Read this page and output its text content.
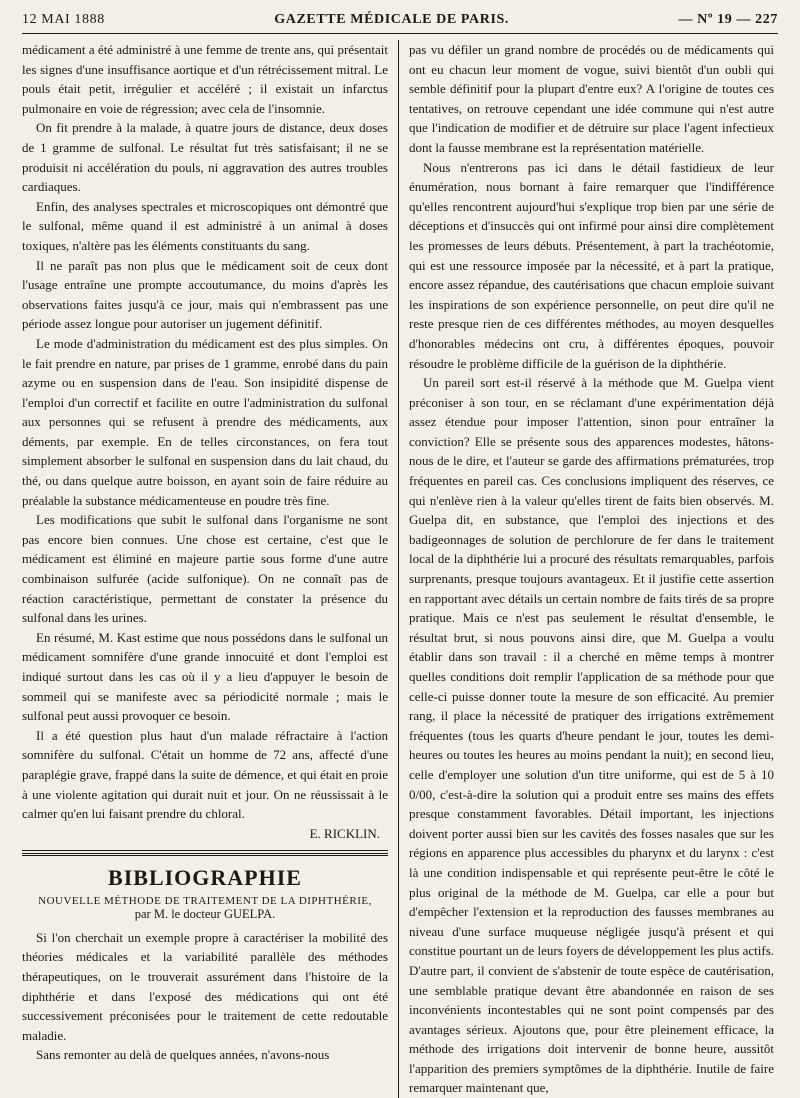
12 MAI 1888	GAZETTE MÉDICALE DE PARIS.	— Nº 19 — 227

médicament a été administré à une femme de trente ans, qui présentait les signes d'une insuffisance aortique et d'un rétrécissement mitral. Le pouls était petit, irrégulier et accéléré ; il existait un infarctus pulmonaire en voie de régression; avec cela de l'insomnie.

On fit prendre à la malade, à quatre jours de distance, deux doses de 1 gramme de sulfonal. Le résultat fut très satisfaisant; il ne se produisit ni accélération du pouls, ni aggravation des autres troubles cardiaques.

Enfin, des analyses spectrales et microscopiques ont démontré que le sulfonal, même quand il est administré à un animal à doses toxiques, n'altère pas les éléments constituants du sang.

Il ne paraît pas non plus que le médicament soit de ceux dont l'usage entraîne une prompte accoutumance, du moins d'après les observations faites jusqu'à ce jour, mais qui n'embrassent pas une période assez longue pour autoriser un jugement définitif.

Le mode d'administration du médicament est des plus simples. On le fait prendre en nature, par prises de 1 gramme, enrobé dans du pain azyme ou en suspension dans de l'eau. Son insipidité dispense de l'emploi d'un correctif et facilite en outre l'administration du sulfonal aux personnes qui se refusent à prendre des médicaments, aux déments, par exemple. En de telles circonstances, on fera tout simplement absorber le sulfonal en suspension dans du lait chaud, du thé, ou dans quelque autre boisson, en ayant soin de faire réduire au préalable la substance médicamenteuse en poudre très fine.

Les modifications que subit le sulfonal dans l'organisme ne sont pas encore bien connues. Une chose est certaine, c'est que le médicament est éliminé en majeure partie sous forme d'une autre combinaison sulfurée (acide sulfonique). On ne connaît pas de réaction caractéristique, permettant de constater la présence du sulfonal dans les urines.

En résumé, M. Kast estime que nous possédons dans le sulfonal un médicament somnifère d'une grande innocuité et dont l'emploi est indiqué surtout dans les cas où il y a lieu d'appuyer le besoin de sommeil qui se manifeste avec sa périodicité normale ; mais le sulfonal peut aussi provoquer ce besoin.

Il a été question plus haut d'un malade réfractaire à l'action somnifère du sulfonal. C'était un homme de 72 ans, affecté d'une paraplégie grave, frappé dans la suite de démence, et qui était en proie à une violente agitation qui durait nuit et jour. On ne réussissait à le calmer qu'en lui faisant prendre du chloral.

E. RICKLIN.
BIBLIOGRAPHIE
NOUVELLE MÉTHODE DE TRAITEMENT DE LA DIPHTHÉRIE,
par M. le docteur GUELPA.

Si l'on cherchait un exemple propre à caractériser la mobilité des théories médicales et la variabilité parallèle des méthodes thérapeutiques, on le trouverait assurément dans l'histoire de la diphthérie et dans l'exposé des médications qui ont été successivement préconisées pour le traitement de cette redoutable maladie.

Sans remonter au delà de quelques années, n'avons-nous

pas vu défiler un grand nombre de procédés ou de médicaments qui ont eu chacun leur moment de vogue, suivi bientôt d'un oubli qui semble définitif pour la plupart d'entre eux? A l'origine de toutes ces tentatives, on retrouve cependant une idée commune qui n'est autre que l'indication de modifier et de détruire sur place l'agent infectieux dont la fausse membrane est la représentation matérielle.

Nous n'entrerons pas ici dans le détail fastidieux de leur énumération, nous bornant à faire remarquer que l'indifférence qu'elles rencontrent aujourd'hui s'explique trop bien par une série de déceptions et d'insuccès qui ont infirmé pour ainsi dire complètement les promesses de leurs débuts. Présentement, à part la trachéotomie, qui est une ressource imposée par la nécessité, et à part la pratique, encore assez répandue, des cautérisations que chacun emploie suivant les inspirations de son expérience personnelle, on peut dire qu'il ne reste presque rien de ces différentes méthodes, au moyen desquelles d'honorables médecins ont cru, à différentes époques, pouvoir résoudre le problème difficile de la guérison de la diphthérie.

Un pareil sort est-il réservé à la méthode que M. Guelpa vient préconiser à son tour, en se réclamant d'une expérimentation déjà assez étendue pour imposer l'attention, sinon pour entraîner la conviction? Elle se présente sous des apparences modestes, hâtons-nous de le dire, et l'auteur se garde des affirmations prématurées, trop fréquentes en pareil cas. Ces conclusions impliquent des réserves, ce qui n'enlève rien à la valeur qu'elles tirent de faits bien observés. M. Guelpa dit, en substance, que l'emploi des injections et des badigeonnages de solution de perchlorure de fer dans le traitement local de la diphthérie lui a procuré des résultats remarquables, parfois surprenants, presque toujours avantageux. Et il justifie cette assertion en rapportant avec détails un certain nombre de faits tirés de sa propre pratique. Mais ce n'est pas seulement le résultat d'ensemble, le résultat brut, si nous pouvons ainsi dire, que M. Guelpa a voulu établir dans son travail : il a cherché en même temps à montrer quelles conditions doit remplir l'application de sa méthode pour que celle-ci puisse donner toute la mesure de son efficacité. Au premier rang, il place la nécessité de pratiquer des irrigations extrêmement fréquentes (tous les quarts d'heure pendant le jour, toutes les demi-heures ou toutes les heures au moins pendant la nuit); en second lieu, celle d'employer une solution d'un titre uniforme, qui est de 5 à 10 0/00, c'est-à-dire la solution qui a produit entre ses mains des effets presque constamment favorables. Détail important, les injections doivent porter aussi bien sur les cavités des fosses nasales que sur les régions en apparence plus accessibles du pharynx et du larynx : c'est là une condition indispensable et qui représente peut-être le côté le plus original de la méthode de M. Guelpa, car elle a pour but d'empêcher l'extension et la reproduction des fausses membranes au niveau d'une surface muqueuse négligée jusqu'à présent et qui constitue pourtant un de leurs foyers de développement les plus actifs. D'autre part, il convient de s'abstenir de toute espèce de cautérisation, une semblable pratique devant être abandonnée en raison de ses inconvénients incontestables qui ne sont point compensés par des avantages sérieux. Ajoutons que, pour être pleinement efficace, la méthode des irrigations doit intervenir de bonne heure, aussitôt l'apparition des premiers symptômes de la diphthérie. Inutile de faire remarquer maintenant que,
